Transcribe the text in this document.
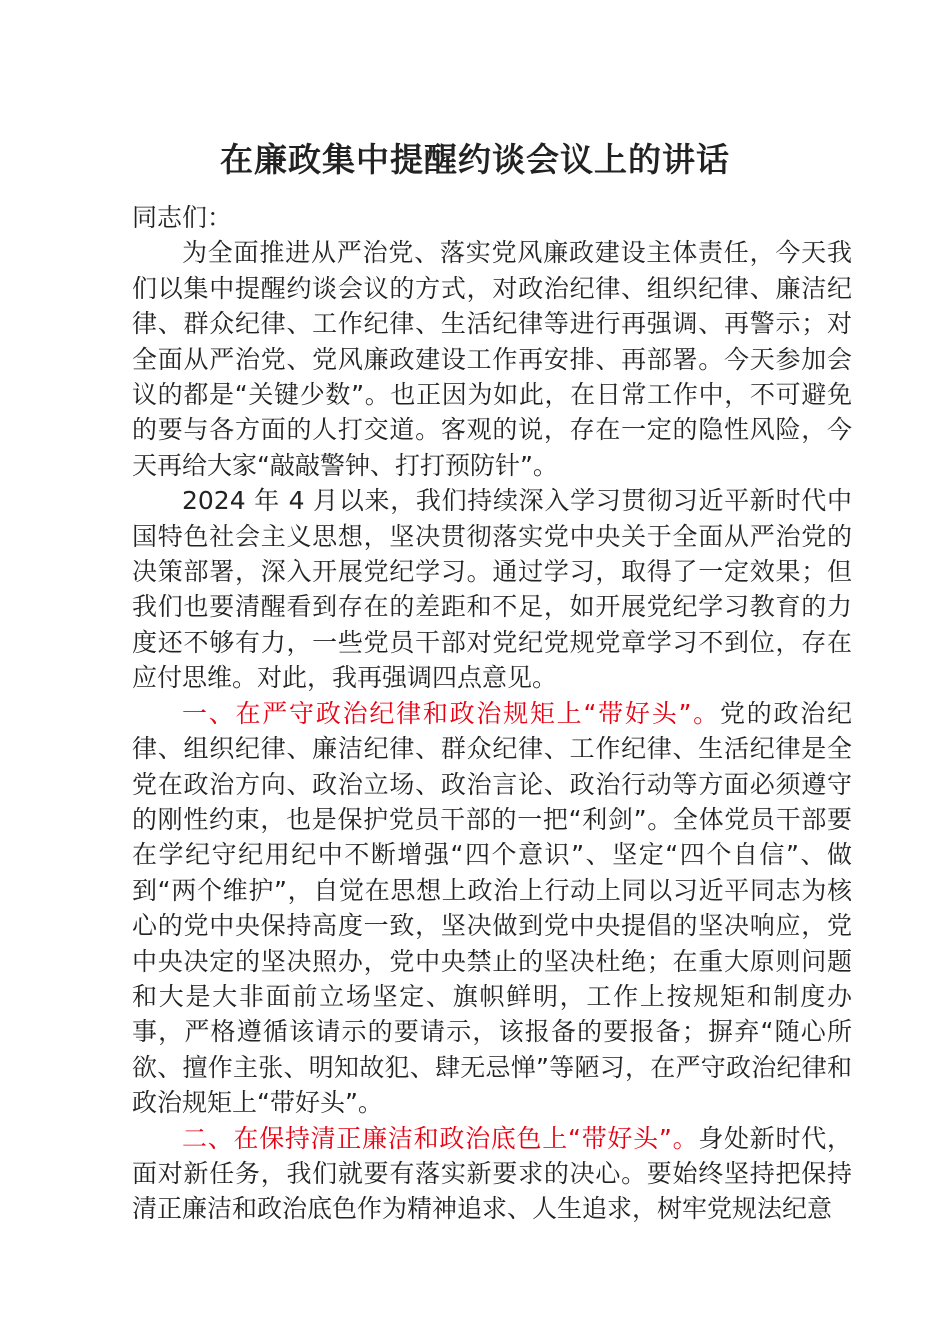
在廉政集中提醒约谈会议上的讲话

同志们：

为全面推进从严治党、落实党风廉政建设主体责任，今天我们以集中提醒约谈会议的方式，对政治纪律、组织纪律、廉洁纪律、群众纪律、工作纪律、生活纪律等进行再强调、再警示；对全面从严治党、党风廉政建设工作再安排、再部署。今天参加会议的都是“关键少数”。也正因为如此，在日常工作中，不可避免的要与各方面的人打交道。客观的说，存在一定的隐性风险，今天再给大家“敲敲警钟、打打预防针”。

2024 年 4 月以来，我们持续深入学习贯彻习近平新时代中国特色社会主义思想，坚决贯彻落实党中央关于全面从严治党的决策部署，深入开展党纪学习。通过学习，取得了一定效果；但我们也要清醒看到存在的差距和不足，如开展党纪学习教育的力度还不够有力，一些党员干部对党纪党规党章学习不到位，存在应付思维。对此，我再强调四点意见。

一、在严守政治纪律和政治规矩上“带好头”。党的政治纪律、组织纪律、廉洁纪律、群众纪律、工作纪律、生活纪律是全党在政治方向、政治立场、政治言论、政治行动等方面必须遵守的刚性约束，也是保护党员干部的一把“利剑”。全体党员干部要在学纪守纪用纪中不断增强“四个意识”、坚定“四个自信”、做到“两个维护”，自觉在思想上政治上行动上同以习近平同志为核心的党中央保持高度一致，坚决做到党中央提倡的坚决响应，党中央决定的坚决照办，党中央禁止的坚决杜绝；在重大原则问题和大是大非面前立场坚定、旗帜鲜明，工作上按规矩和制度办事，严格遵循该请示的要请示，该报备的要报备；摒弃“随心所欲、擅作主张、明知故犯、肆无忌惮”等陋习，在严守政治纪律和政治规矩上“带好头”。

二、在保持清正廉洁和政治底色上“带好头”。身处新时代，面对新任务，我们就要有落实新要求的决心。要始终坚持把保持清正廉洁和政治底色作为精神追求、人生追求，树牢党规法纪意
